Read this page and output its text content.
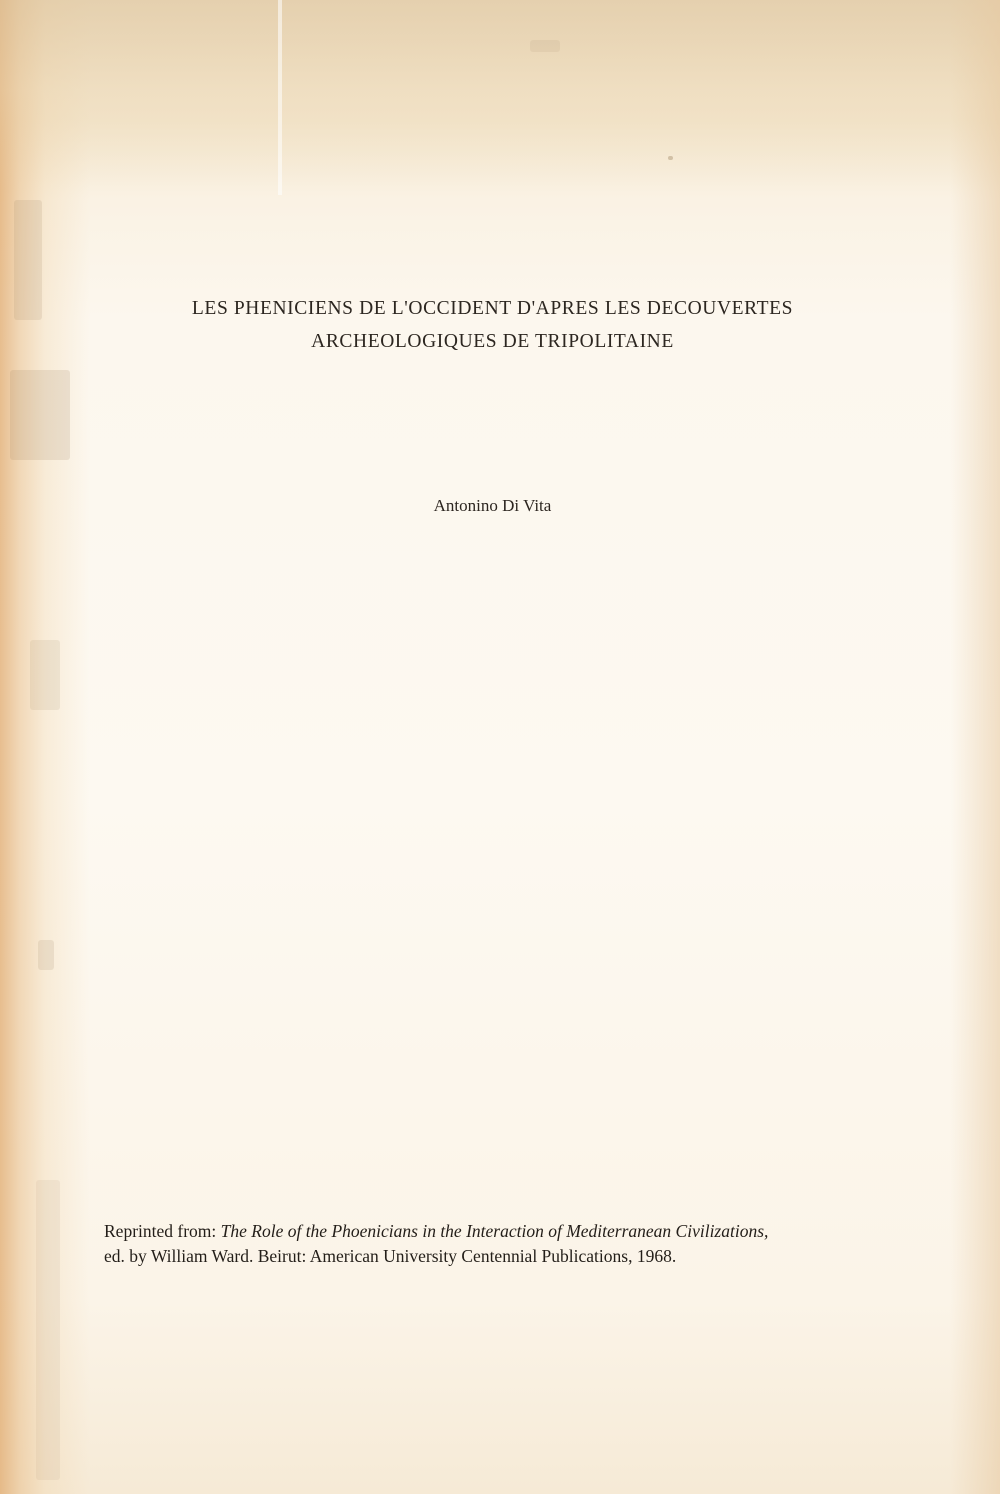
LES PHENICIENS DE L'OCCIDENT D'APRES LES DECOUVERTES
ARCHEOLOGIQUES DE TRIPOLITAINE
Antonino Di Vita
Reprinted from: The Role of the Phoenicians in the Interaction of Mediterranean Civilizations,
ed. by William Ward. Beirut: American University Centennial Publications, 1968.
